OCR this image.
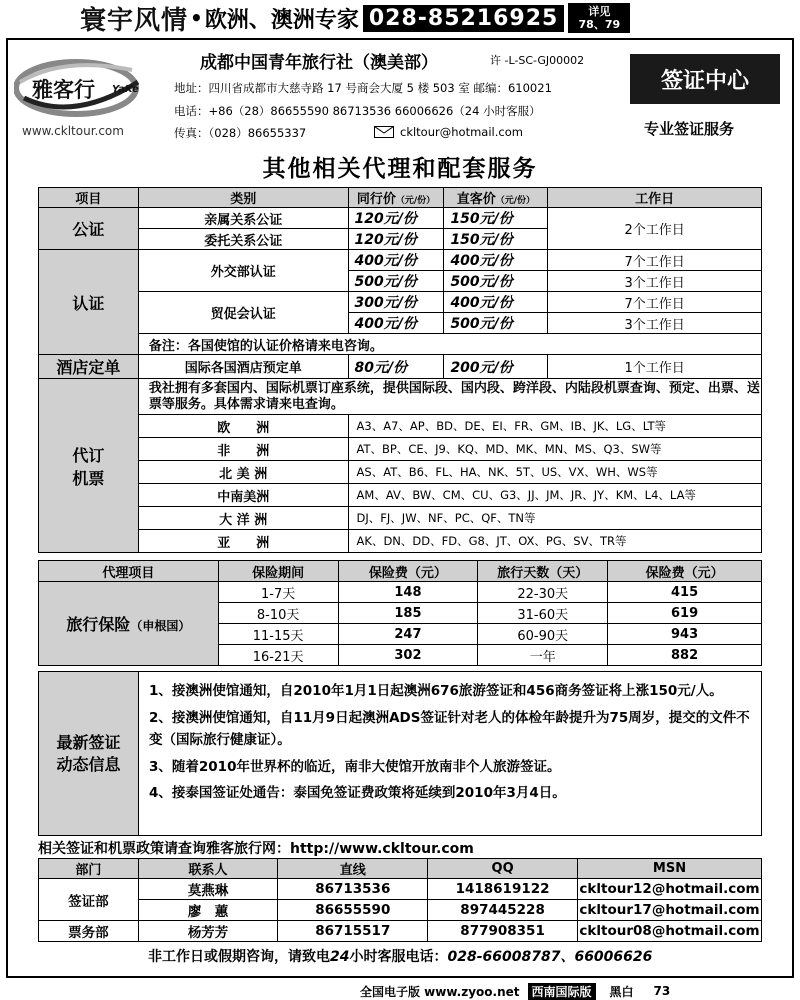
寰宇风情 • 欧洲、澳洲专家 028-85216925	详见
78、79
雅客行 YaKe
www.ckltour.com
成都中国青年旅行社（澳美部）	许 -L-SC-GJ00002
地址：四川省成都市大慈寺路 17 号商会大厦 5 楼 503 室 邮编：610021
电话：+86（28）86655590 86713536 66006626（24 小时客服）
传真：（028）86655337	ckltour@hotmail.com
签证中心
专业签证服务
其他相关代理和配套服务
项目	类别	同行价（元/份）	直客价（元/份）	工作日
公证	亲属关系公证	120元/份	150元/份	2个工作日
	委托关系公证	120元/份	150元/份	
认证	外交部认证	400元/份	400元/份	7个工作日
		500元/份	500元/份	3个工作日
	贸促会认证	300元/份	400元/份	7个工作日
		400元/份	500元/份	3个工作日
	备注：各国使馆的认证价格请来电咨询。			
酒店定单	国际各国酒店预定单	80元/份	200元/份	1个工作日

代订
机票	我社拥有多套国内、国际机票订座系统，提供国际段、国内段、跨洋段、内陆段机票查询、预定、出票、送票等服务。具体需求请来电查询。			
	欧　　洲	A3、A7、AP、BD、DE、EI、FR、GM、IB、JK、LG、LT等		
	非　　洲	AT、BP、CE、J9、KQ、MD、MK、MN、MS、Q3、SW等		
	北 美 洲	AS、AT、B6、FL、HA、NK、5T、US、VX、WH、WS等		
	中南美洲	AM、AV、BW、CM、CU、G3、JJ、JM、JR、JY、KM、L4、LA等		
	大 洋 洲	DJ、FJ、JW、NF、PC、QF、TN等		
	亚　　洲	AK、DN、DD、FD、G8、JT、OX、PG、SV、TR等		
代理项目	保险期间	保险费（元）	旅行天数（天）	保险费（元）
旅行保险（申根国）	1-7天	148	22-30天	415
	8-10天	185	31-60天	619
	11-15天	247	60-90天	943
	16-21天	302	一年	882
最新签证
动态信息
1、接澳洲使馆通知，自2010年1月1日起澳洲676旅游签证和456商务签证将上涨150元/人。
2、接澳洲使馆通知，自11月9日起澳洲ADS签证针对老人的体检年龄提升为75周岁，提交的文件不变（国际旅行健康证）。
3、随着2010年世界杯的临近，南非大使馆开放南非个人旅游签证。
4、接泰国签证处通告：泰国免签证费政策将延续到2010年3月4日。
相关签证和机票政策请查询雅客旅行网：http://www.ckltour.com
部门	联系人	直线	QQ	MSN
签证部	莫燕琳	86713536	1418619122	ckltour12@hotmail.com
	廖　蕙	86655590	897445228	ckltour17@hotmail.com
票务部	杨芳芳	86715517	877908351	ckltour08@hotmail.com
非工作日或假期咨询，请致电24小时客服电话：028-66008787、66006626
全国电子版 www.zyoo.net	西南国际版	黑白 73
